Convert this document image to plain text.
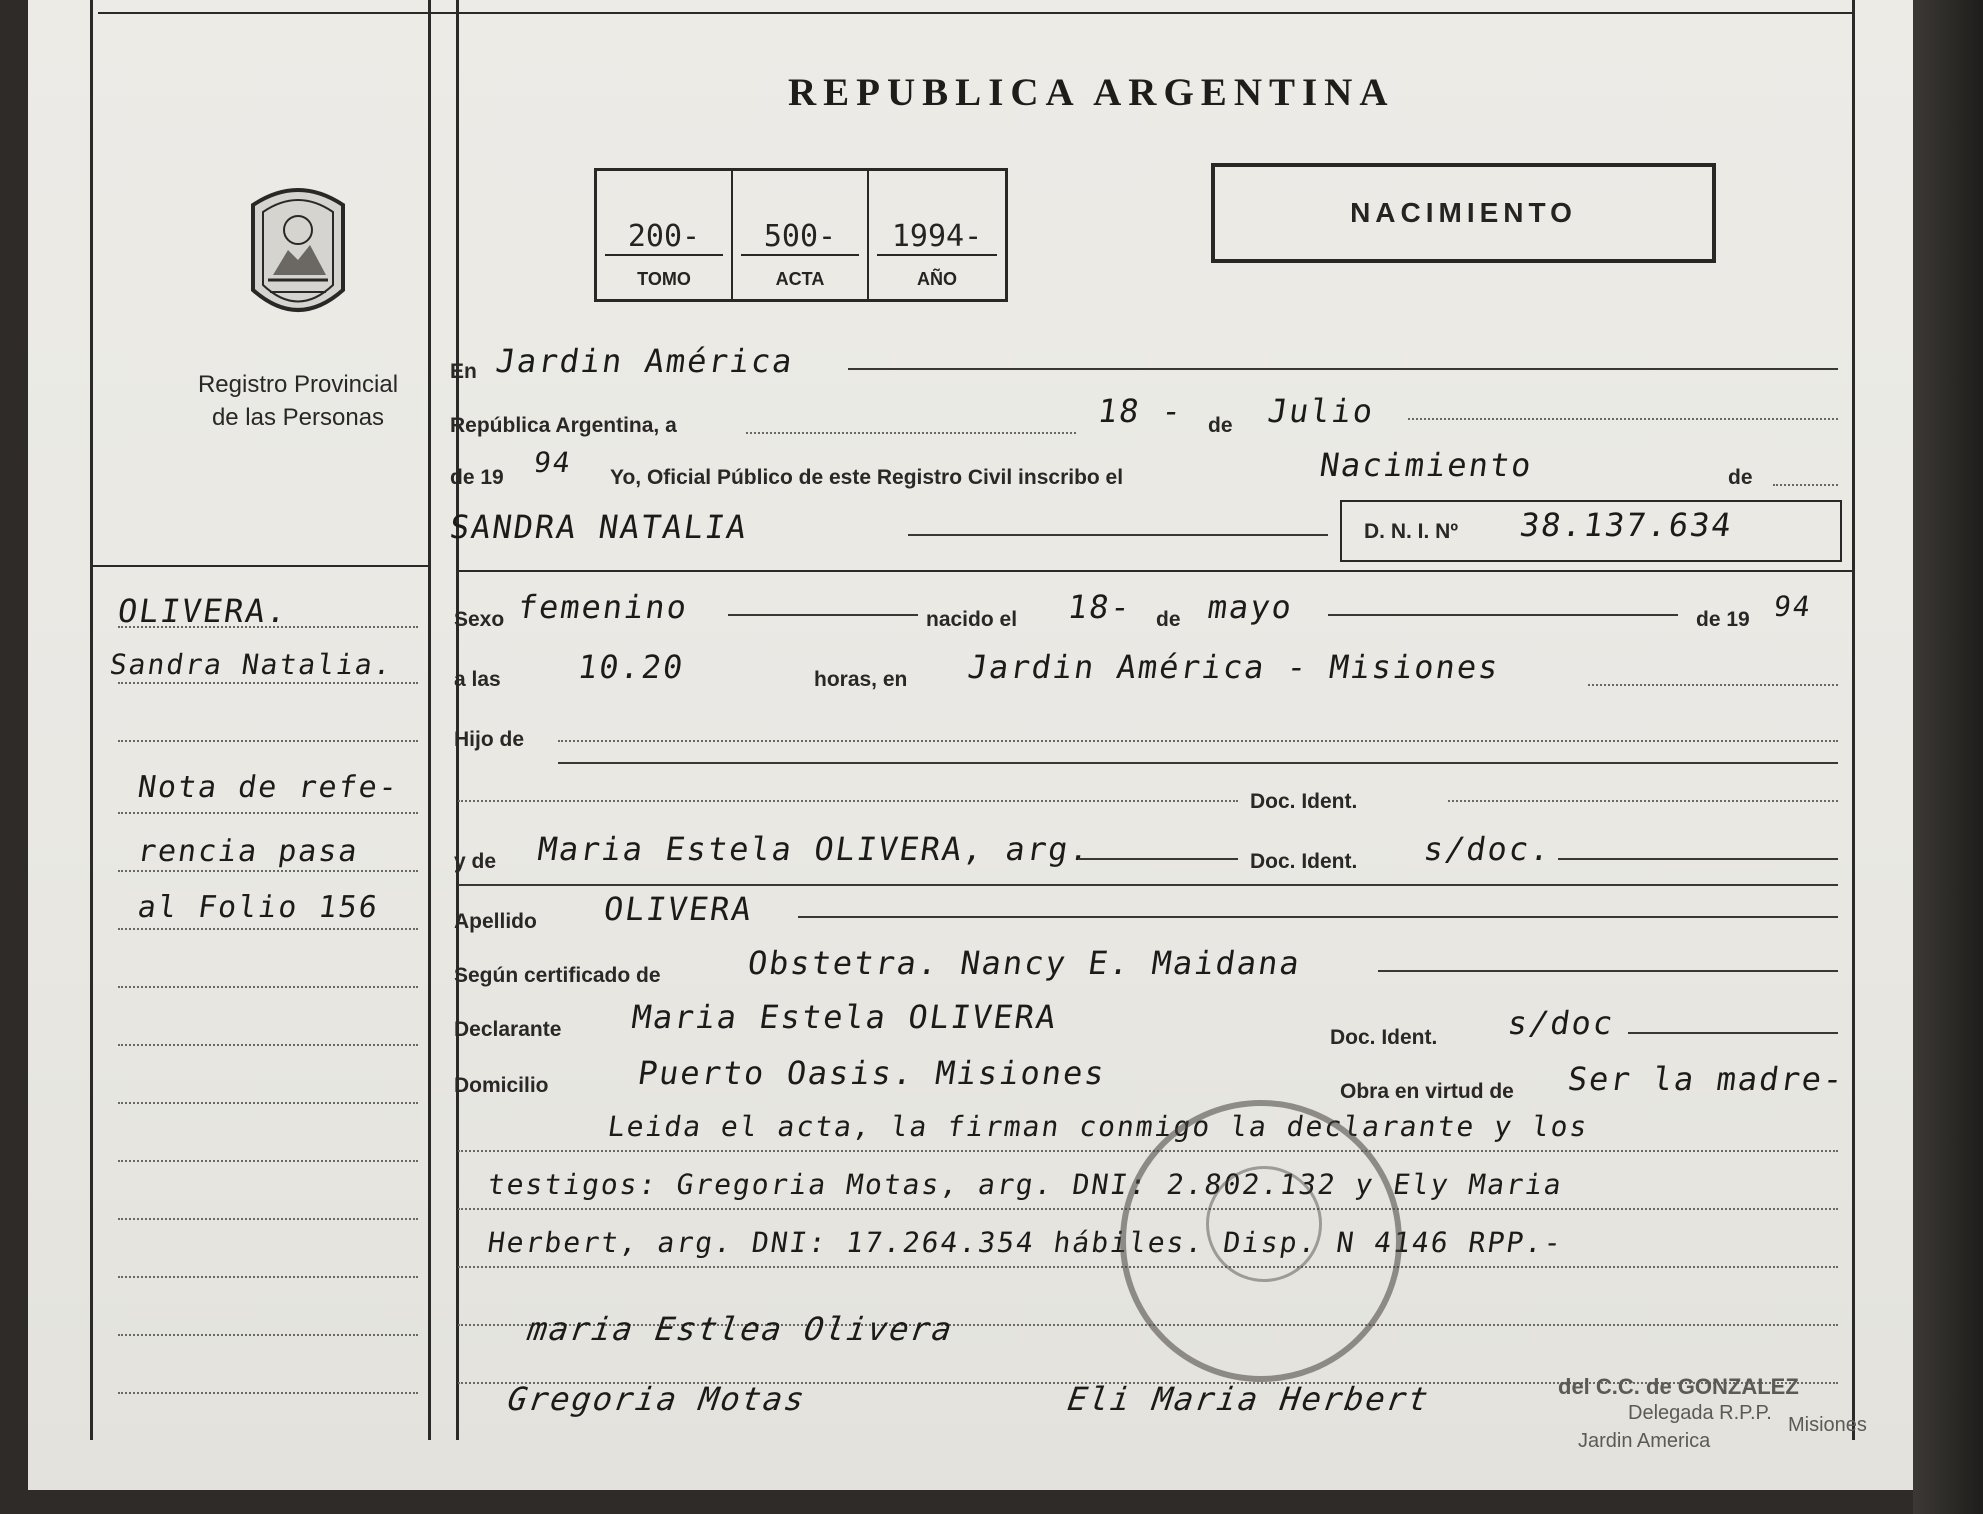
Registro Provincial
de las Personas
REPUBLICA ARGENTINA
200-
TOMO
500-
ACTA
1994-
AÑO
NACIMIENTO
En Jardin América
República Argentina, a	18 - de Julio
de 19 94 Yo, Oficial Público de este Registro Civil inscribo el	Nacimiento	de
SANDRA NATALIA	D. N. I. Nº 38.137.634
Sexo femenino	nacido el 18- de mayo	de 19 94
a las 10.20	horas, en Jardin América - Misiones
Hijo de
Doc. Ident.
y de Maria Estela OLIVERA, arg.	Doc. Ident. s/doc.
Apellido OLIVERA
Según certificado de	Obstetra. Nancy E. Maidana
Declarante Maria Estela OLIVERA
Doc. Ident. s/doc
Domicilio	Puerto Oasis. Misiones	Obra en virtud de Ser la madre-
Leida el acta, la firman conmigo la declarante y los
testigos: Gregoria Motas, arg. DNI: 2.802.132 y Ely Maria
Herbert, arg. DNI: 17.264.354 hábiles. Disp. N 4146 RPP.-
maria Estlea Olivera
Gregoria Motas	Eli Maria Herbert	del C.C. de GONZALEZ
Delegada R.P.P.
Jardin America
Misiones
OLIVERA.
Sandra Natalia.
Nota de refe-
rencia pasa
al Folio 156
